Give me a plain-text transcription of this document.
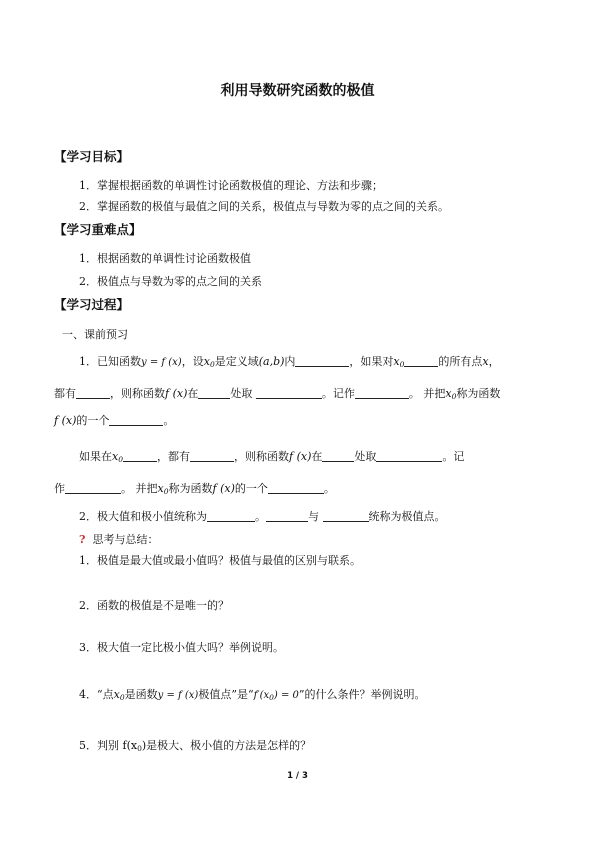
利用导数研究函数的极值
【学习目标】
1．掌握根据函数的单调性讨论函数极值的理论、方法和步骤；
2．掌握函数的极值与最值之间的关系，极值点与导数为零的点之间的关系。
【学习重难点】
1．根据函数的单调性讨论函数极值
2．极值点与导数为零的点之间的关系
【学习过程】
一、课前预习
1．已知函数y = f (x)，设$x_0$是定义域(a,b)内	，如果对$x_0$	的所有点x，
都有	，则称函数f (x)在	处取	。记作	。 并把$x_0$称为函数
f (x)的一个	。
如果在$x_0$	，都有	，则称函数f (x)在	处取	。记
作	。 并把$x_0$称为函数f (x)的一个	。
2．极大值和极小值统称为	。	与	统称为极值点。
? 思考与总结：
1．极值是最大值或最小值吗？极值与最值的区别与联系。
2．函数的极值是不是唯一的？
3．极大值一定比极小值大吗？举例说明。
4．“点$x_0$是函数y = f (x)极值点”是“$f'(x_0) = 0$”的什么条件？举例说明。
5．判别 $f(x_0)$是极大、极小值的方法是怎样的？
1 / 3
